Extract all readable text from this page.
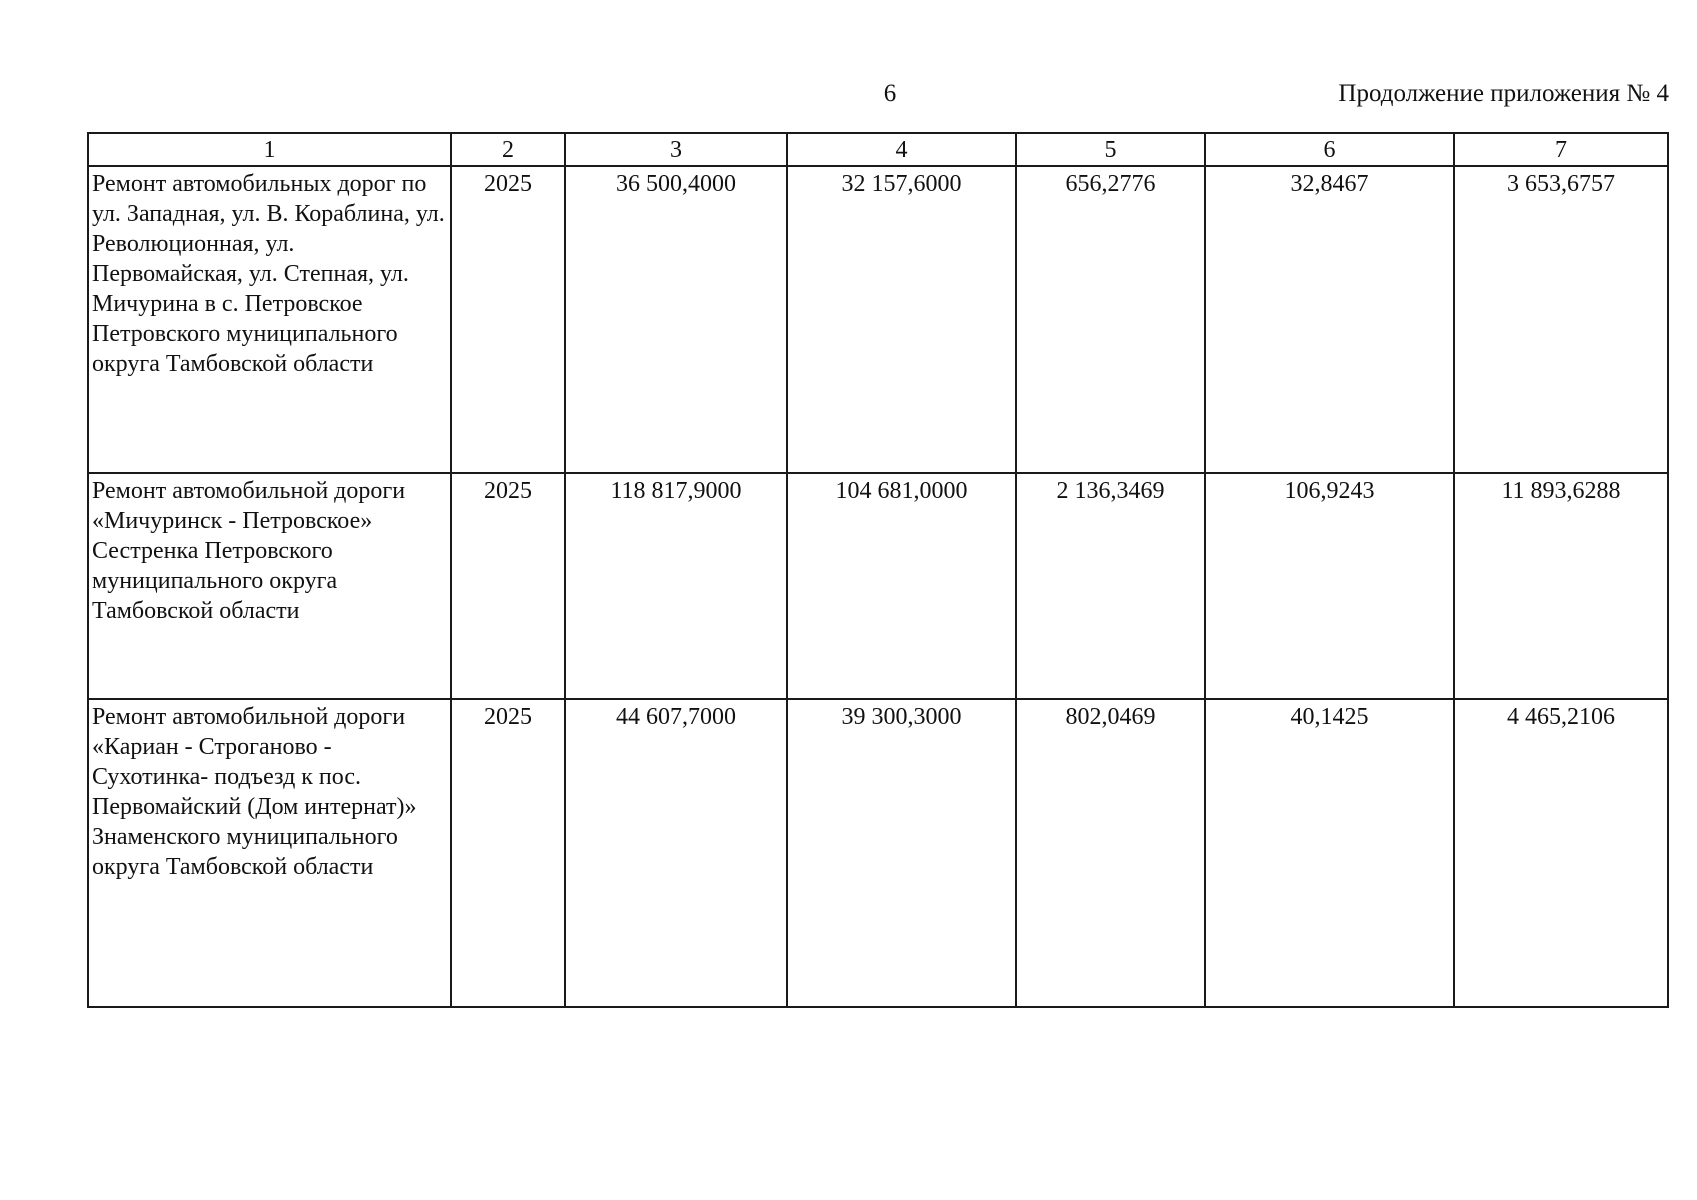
6	Продолжение приложения № 4
1	2	3	4	5	6	7
Ремонт автомобильных дорог по ул. Западная, ул. В. Кораблина, ул. Революционная, ул. Первомайская, ул. Степная, ул. Мичурина в с. Петровское Петровского муниципального округа Тамбовской области	2025	36 500,4000	32 157,6000	656,2776	32,8467	3 653,6757
Ремонт автомобильной дороги «Мичуринск - Петровское» Сестренка Петровского муниципального округа Тамбовской области	2025	118 817,9000	104 681,0000	2 136,3469	106,9243	11 893,6288
Ремонт автомобильной дороги «Кариан - Строганово - Сухотинка- подъезд к пос. Первомайский (Дом интернат)» Знаменского муниципального округа Тамбовской области	2025	44 607,7000	39 300,3000	802,0469	40,1425	4 465,2106
